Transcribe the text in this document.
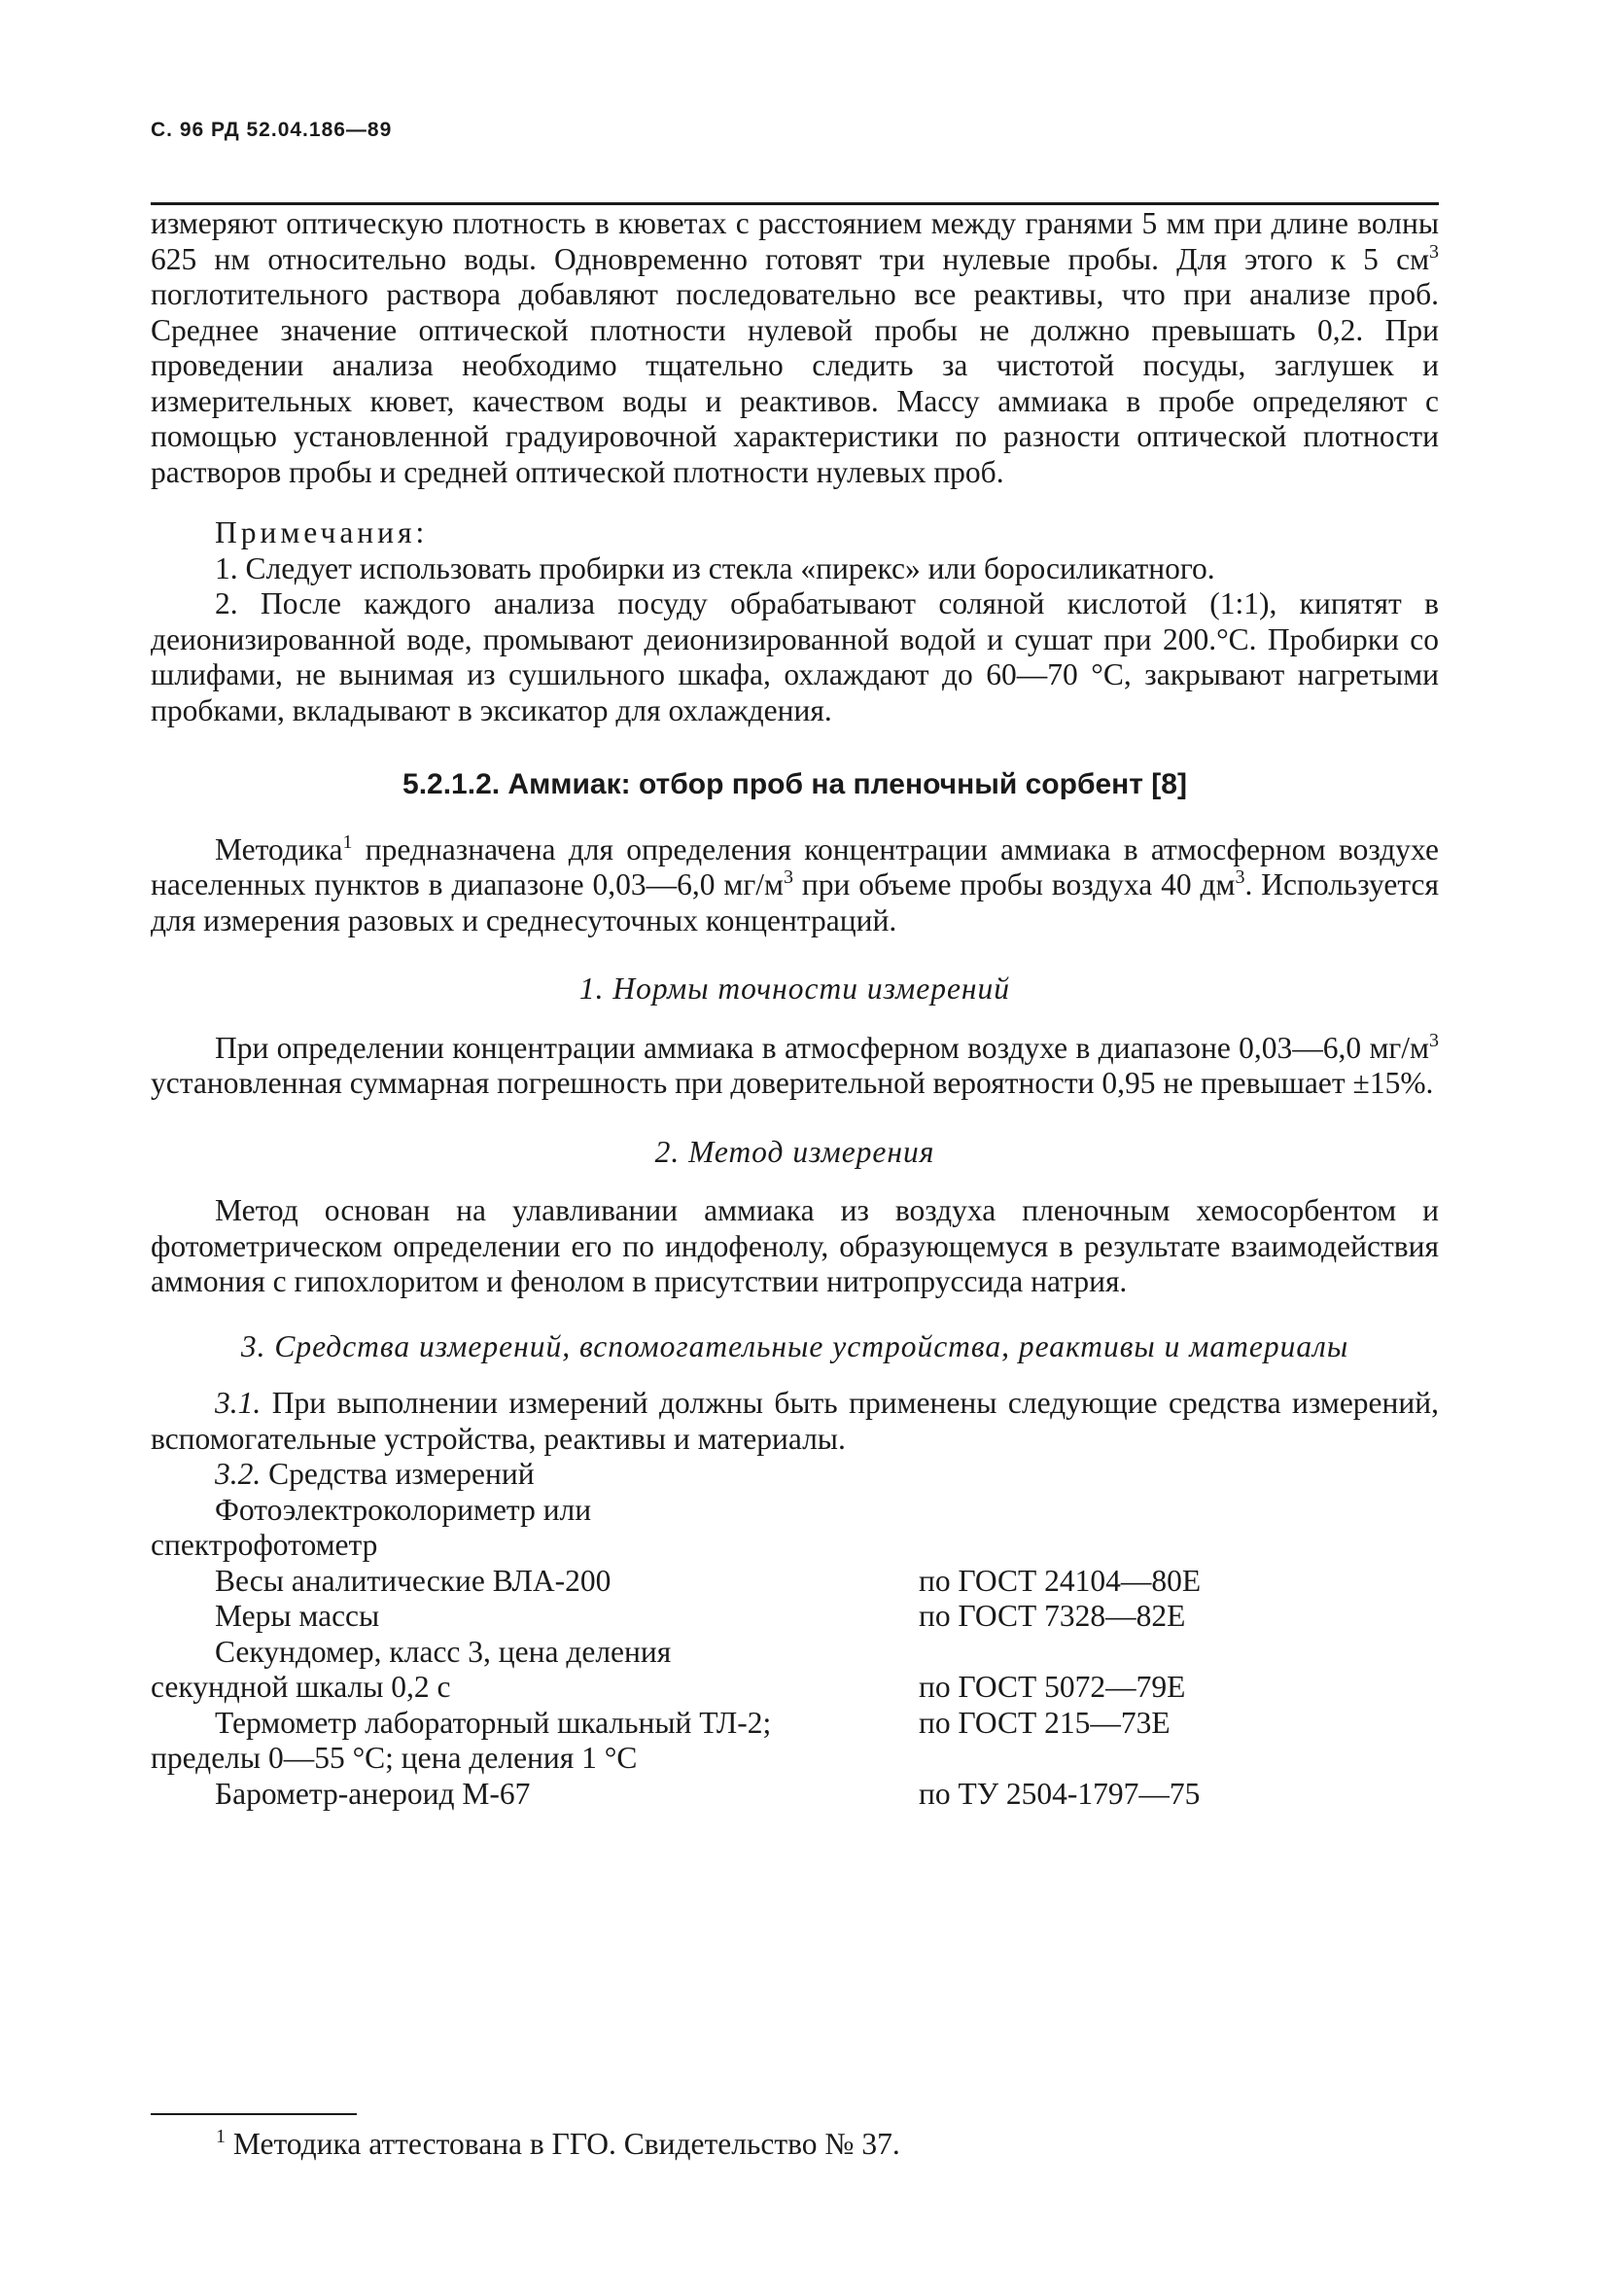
С. 96 РД 52.04.186—89

измеряют оптическую плотность в кюветах с расстоянием между гранями 5 мм при длине волны 625 нм относительно воды. Одновременно готовят три нулевые пробы. Для этого к 5 $см^3$ поглотительного раствора добавляют последовательно все реактивы, что при анализе проб. Среднее значение оптической плотности нулевой пробы не должно превышать 0,2. При проведении анализа необходимо тщательно следить за чистотой посуды, заглушек и измерительных кювет, качеством воды и реактивов. Массу аммиака в пробе определяют с помощью установленной градуировочной характеристики по разности оптической плотности растворов пробы и средней оптической плотности нулевых проб.

Примечания:

1. Следует использовать пробирки из стекла «пирекс» или боросиликатного.

2. После каждого анализа посуду обрабатывают соляной кислотой (1:1), кипятят в деионизированной воде, промывают деионизированной водой и сушат при 200.°С. Пробирки со шлифами, не вынимая из сушильного шкафа, охлаждают до 60—70 °С, закрывают нагретыми пробками, вкладывают в эксикатор для охлаждения.

5.2.1.2. Аммиак: отбор проб на пленочный сорбент [8]

Методика$^1$ предназначена для определения концентрации аммиака в атмосферном воздухе населенных пунктов в диапазоне 0,03—6,0 $мг/м^3$ при объеме пробы воздуха 40 $дм^3$. Используется для измерения разовых и среднесуточных концентраций.

1. Нормы точности измерений

При определении концентрации аммиака в атмосферном воздухе в диапазоне 0,03—6,0 $мг/м^3$ установленная суммарная погрешность при доверительной вероятности 0,95 не превышает ±15%.

2. Метод измерения

Метод основан на улавливании аммиака из воздуха пленочным хемосорбентом и фотометрическом определении его по индофенолу, образующемуся в результате взаимодействия аммония с гипохлоритом и фенолом в присутствии нитропруссида натрия.

3. Средства измерений, вспомогательные устройства, реактивы и материалы

3.1. При выполнении измерений должны быть применены следующие средства измерений, вспомогательные устройства, реактивы и материалы.

3.2. Средства измерений

Фотоэлектроколориметр или
спектрофотометр
Весы аналитические ВЛА-200	по ГОСТ 24104—80Е
Меры массы	по ГОСТ 7328—82Е
Секундомер, класс 3, цена деления
секундной шкалы 0,2 с	по ГОСТ 5072—79Е
Термометр лабораторный шкальный ТЛ-2;	по ГОСТ 215—73Е
пределы 0—55 °С; цена деления 1 °С
Барометр-анероид М-67	по ТУ 2504-1797—75
$^1$ Методика аттестована в ГГО. Свидетельство № 37.
